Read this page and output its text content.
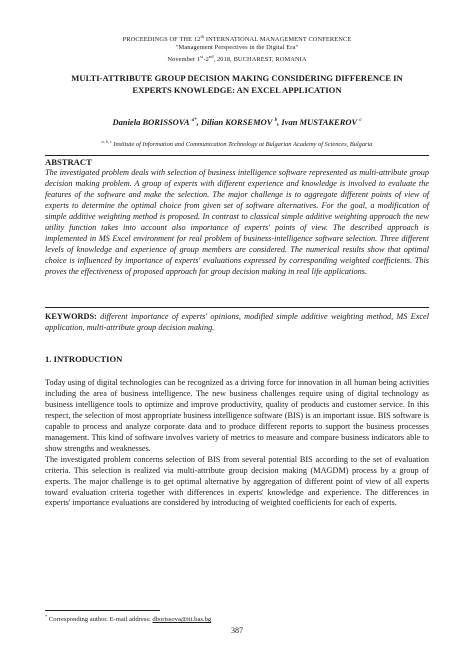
PROCEEDINGS OF THE 12th INTERNATIONAL MANAGEMENT CONFERENCE
"Management Perspectives in the Digital Era"
November 1st-2nd, 2018, BUCHAREST, ROMANIA
MULTI-ATTRIBUTE GROUP DECISION MAKING CONSIDERING DIFFERENCE IN
EXPERTS KNOWLEDGE: AN EXCEL APPLICATION
Daniela BORISSOVA $^{a*}$, Dilian KORSEMOV $^b$, Ivan MUSTAKEROV $^c$
$^{a, b, c}$ Institute of Information and Communication Technology at Bulgarian Academy of Sciences, Bulgaria
ABSTRACT

The investigated problem deals with selection of business intelligence software represented as multi-attribute group decision making problem. A group of experts with different experience and knowledge is involved to evaluate the features of the software and make the selection. The major challenge is to aggregate different points of view of experts to determine the optimal choice from given set of software alternatives. For the goal, a modification of simple additive weighting method is proposed. In contrast to classical simple additive weighting approach the new utility function takes into account also importance of experts' points of view. The described approach is implemented in MS Excel environment for real problem of business-intelligence software selection. Three different levels of knowledge and experience of group members are considered. The numerical results show that optimal choice is influenced by importance of experts' evaluations expressed by corresponding weighted coefficients. This proves the effectiveness of proposed approach for group decision making in real life applications.

KEYWORDS: different importance of experts' opinions, modified simple additive weighting method, MS Excel application, multi-attribute group decision making.

1. INTRODUCTION

Today using of digital technologies can be recognized as a driving force for innovation in all human being activities including the area of business intelligence. The new business challenges require using of digital technology as business intelligence tools to optimize and improve productivity, quality of products and customer service. In this respect, the selection of most appropriate business intelligence software (BIS) is an important issue. BIS software is capable to process and analyze corporate data and to produce different reports to support the business processes management. This kind of software involves variety of metrics to measure and compare business indicators able to show strengths and weaknesses.

The investigated problem concerns selection of BIS from several potential BIS according to the set of evaluation criteria. This selection is realized via multi-attribute group decision making (MAGDM) process by a group of experts. The major challenge is to get optimal alternative by aggregation of different point of view of all experts toward evaluation criteria together with differences in experts' knowledge and experience. The differences in experts' importance evaluations are considered by introducing of weighted coefficients for each of experts.

* Corresponding author. E-mail address: dborissova@iit.bas.bg
387
